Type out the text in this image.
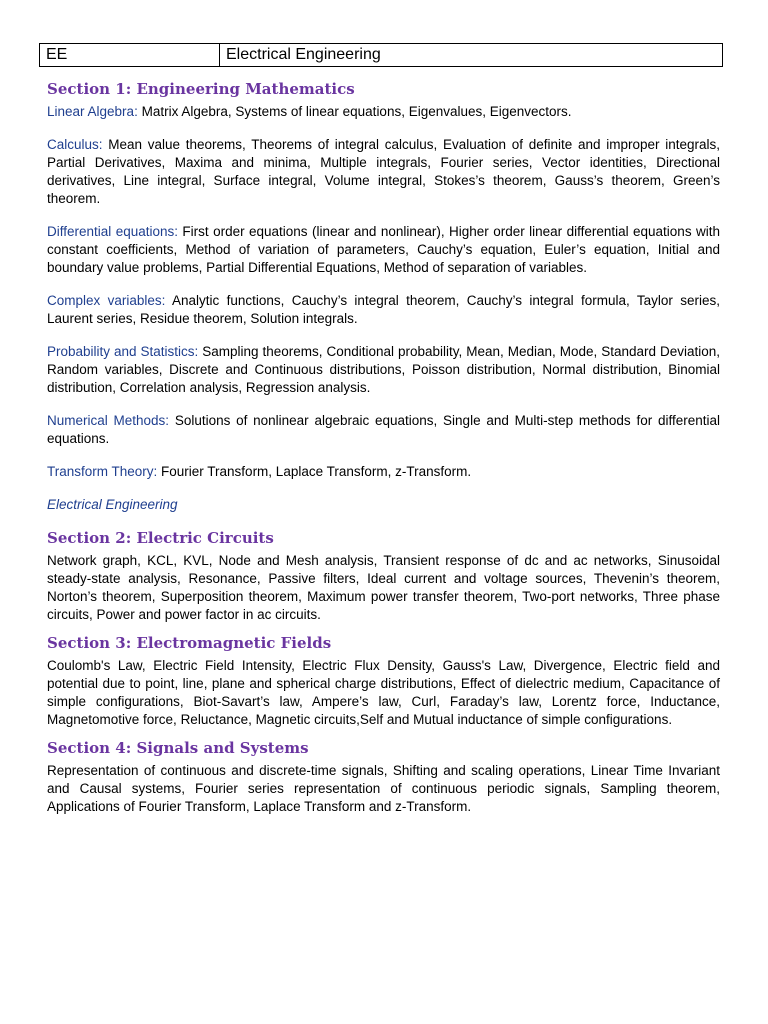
EE	Electrical Engineering
Section 1: Engineering Mathematics

Linear Algebra: Matrix Algebra, Systems of linear equations, Eigenvalues, Eigenvectors.

Calculus: Mean value theorems, Theorems of integral calculus, Evaluation of definite and improper integrals, Partial Derivatives, Maxima and minima, Multiple integrals, Fourier series, Vector identities, Directional derivatives, Line integral, Surface integral, Volume integral, Stokes’s theorem, Gauss’s theorem, Green’s theorem.

Differential equations: First order equations (linear and nonlinear), Higher order linear differential equations with constant coefficients, Method of variation of parameters, Cauchy’s equation, Euler’s equation, Initial and boundary value problems, Partial Differential Equations, Method of separation of variables.

Complex variables: Analytic functions, Cauchy’s integral theorem, Cauchy’s integral formula, Taylor series, Laurent series, Residue theorem, Solution integrals.

Probability and Statistics: Sampling theorems, Conditional probability, Mean, Median, Mode, Standard Deviation, Random variables, Discrete and Continuous distributions, Poisson distribution, Normal distribution, Binomial distribution, Correlation analysis, Regression analysis.

Numerical Methods: Solutions of nonlinear algebraic equations, Single and Multi-step methods for differential equations.

Transform Theory: Fourier Transform, Laplace Transform, z-Transform.

Electrical Engineering
Section 2: Electric Circuits

Network graph, KCL, KVL, Node and Mesh analysis, Transient response of dc and ac networks, Sinusoidal steady-state analysis, Resonance, Passive filters, Ideal current and voltage sources, Thevenin’s theorem, Norton’s theorem, Superposition theorem, Maximum power transfer theorem, Two-port networks, Three phase circuits, Power and power factor in ac circuits.

Section 3: Electromagnetic Fields

Coulomb's Law, Electric Field Intensity, Electric Flux Density, Gauss's Law, Divergence, Electric field and potential due to point, line, plane and spherical charge distributions, Effect of dielectric medium, Capacitance of simple configurations, Biot-Savart’s law, Ampere’s law, Curl, Faraday’s law, Lorentz force, Inductance, Magnetomotive force, Reluctance, Magnetic circuits,Self and Mutual inductance of simple configurations.

Section 4: Signals and Systems

Representation of continuous and discrete-time signals, Shifting and scaling operations, Linear Time Invariant and Causal systems, Fourier series representation of continuous periodic signals, Sampling theorem, Applications of Fourier Transform, Laplace Transform and z-Transform.
